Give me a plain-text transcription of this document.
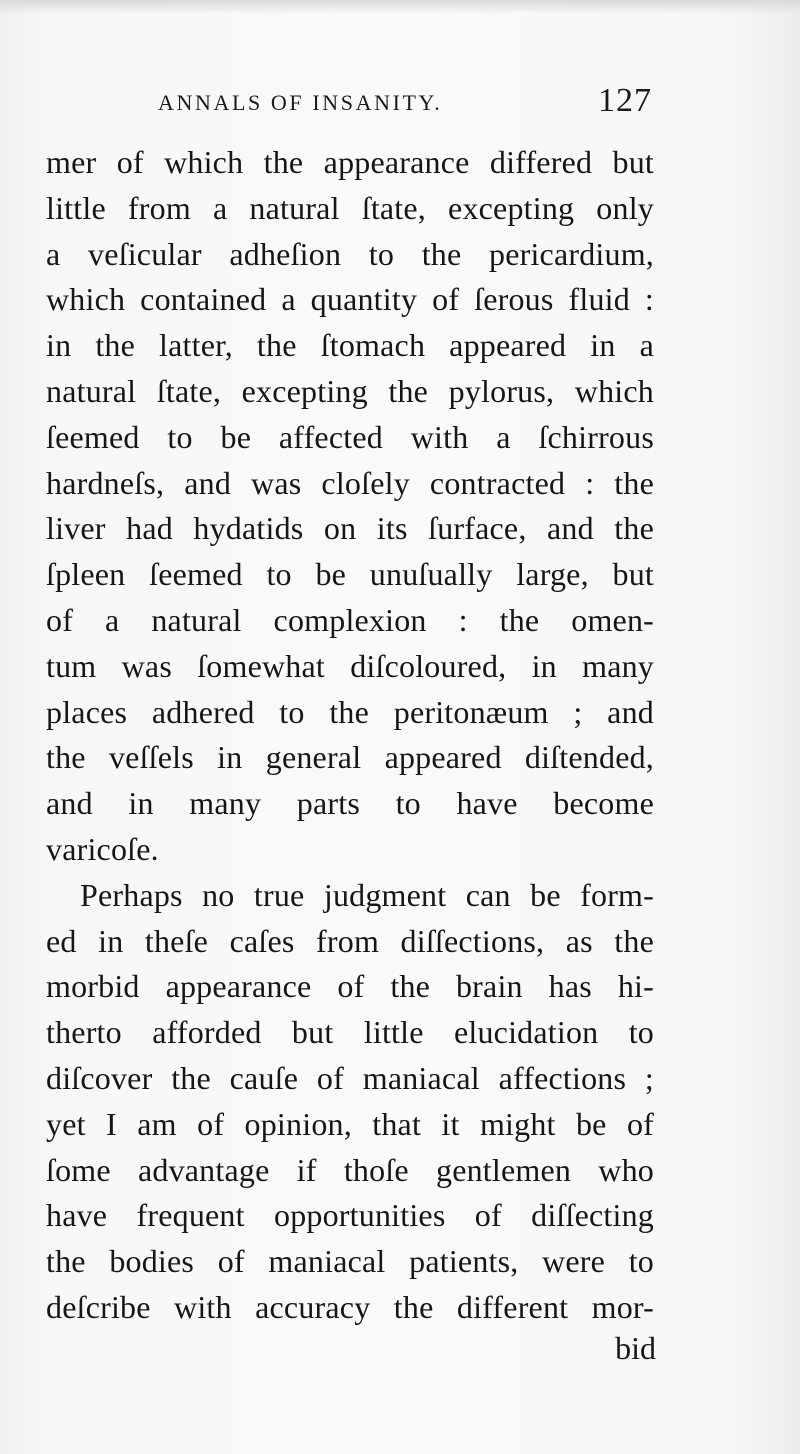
ANNALS OF INSANITY.	127
mer of which the appearance differed but
little from a natural ſtate, excepting only
a veſicular adheſion to the pericardium,
which contained a quantity of ſerous fluid :
in the latter, the ſtomach appeared in a
natural ſtate, excepting the pylorus, which
ſeemed to be affected with a ſchirrous
hardneſs, and was cloſely contracted : the
liver had hydatids on its ſurface, and the
ſpleen ſeemed to be unuſually large, but
of a natural complexion : the omen-
tum was ſomewhat diſcoloured, in many
places adhered to the peritonæum ; and
the veſſels in general appeared diſtended,
and in many parts to have become
varicoſe.
Perhaps no true judgment can be form-
ed in theſe caſes from diſſections, as the
morbid appearance of the brain has hi-
therto afforded but little elucidation to
diſcover the cauſe of maniacal affections ;
yet I am of opinion, that it might be of
ſome advantage if thoſe gentlemen who
have frequent opportunities of diſſecting
the bodies of maniacal patients, were to
deſcribe with accuracy the different mor-
bid
